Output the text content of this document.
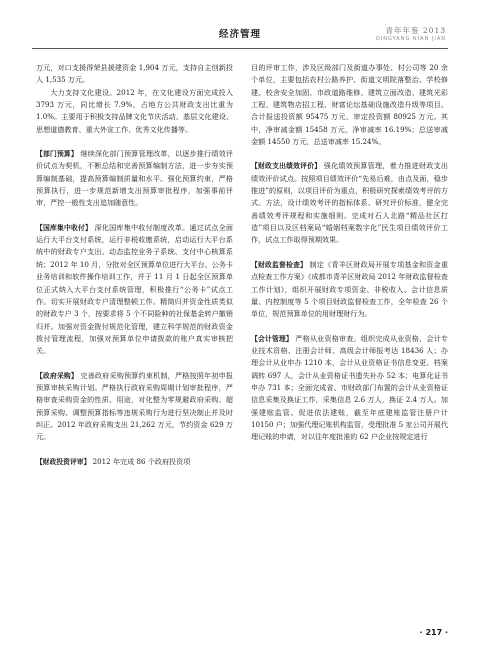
经济管理	青年年鉴 2013
QINGYANG NIAN JIAN

万元，对口支援得荣县援建资金 1,904 万元，支持自主创新投入 1,535 万元。

大力支持文化建设。2012 年，在文化建设方面完成投入 3793 万元，同比增长 7.9%，占地方公共财政支出比重为 1.0%。主要用于积极支持品牌文化节庆活动、基层文化建设、思想道德教育、重大外宣工作、优秀文化传播等。

【部门预算】 继续深化部门预算管理改革，以逐步推行绩效评价试点为契机，不断总结和完善预算编制方法，进一步夯实预算编制基础，提高预算编制质量和水平。强化预算约束，严格预算执行，进一步规范新增支出预算审批程序，加强事前评审，严控一般性支出追加随意性。

【国库集中收付】 深化国库集中收付制度改革。通过试点全面运行大平台支付系统，运行非税收缴系统，启动运行大平台系统中的财政专户支出、动态监控业务子系统、支付中心核算系统；2012 年 10 月，分批对全区预算单位进行大平台、公务卡业务培训和软件操作培训工作，并于 11 月 1 日起全区预算单位正式纳入大平台支付系统管理，积极推行“公务卡”试点工作。切实开展财政专户清理整顿工作。精简归并资金性质类似的财政专户 3 个，按要求将 5 个不同险种的社保基金转户撤销归并。加强对资金拨付规范化管理，建立科学规范的财政资金拨付管理流程，加强对预算单位申请拨款的账户真实审核把关。

【政府采购】 完善政府采购预算约束机制，严格按照年初申报预算审核采购计划。严格执行政府采购周期计划审批程序，严格审查采购资金的性质、用途，对化整为零规避政府采购、超预算采购、调整预算指标等违规采购行为进行坚决制止并及时纠正。2012 年政府采购支出 21,262 万元，节约资金 629 万元。

【财政投资评审】 2012 年完成 86 个政府投资项

目的评审工作，涉及区级部门及街道办事处、村公司等 20 余个单位，主要包括农村公路养护、街道文明院落整治、学校修建、校舍安全加固、市政道路维修、建筑立面改造、建筑光彩工程、建筑物店招工程、财富论坛基础设施改造升级等项目。合计报送投资额 95475 万元，审定投资额 80925 万元。其中，净审减金额 15458 万元，净审减率 16.19%；总送审减金额 14550 万元，总送审减率 15.24%。

【财政支出绩效评价】 强化绩效预算管理，着力推进财政支出绩效评价试点。按照项目绩效评价“先易后难，由点及面，稳步推进”的原则，以项目评价为重点，积极研究探索绩效考评的方式、方法，设计绩效考评的指标体系、研究评价标准，健全完善绩效考评规程和实施细则。完成对石人北路“精品社区打造”项目以及区档案局“婚姻档案数字化”民生项目绩效评价工作，试点工作取得预期效果。

【财政监督检查】 制定《青羊区财政局开展专项基金和资金重点检查工作方案》《成都市青羊区财政局 2012 年财政监督检查工作计划》，组织开展财政专项资金、非税收入、会计信息质量、内控制度等 5 个项目财政监督检查工作，全年检查 26 个单位，规范预算单位的用财理财行为。

【会计管理】 严格从业资格审查。组织完成从业资格、会计专业技术资格、注册会计师、高级会计师报考达 18436 人；办理会计从业申办 1210 本，会计从业资格证书信息变更、档案调转 697 人，会计从业资格证书遗失补办 52 本；电算化证书申办 731 本；全面完成省、市财政部门布置的会计从业资格证信息采集及换证工作，采集信息 2.6 万人，换证 2.4 万人。加强建账监管。促进依法建账，截至年底建账监管注册户计 10150 户；加强代理记账机构监管，受理批准 5 家公司开展代理记账的申请，对以往年度批准的 62 户企业按规定进行

· 217 ·
